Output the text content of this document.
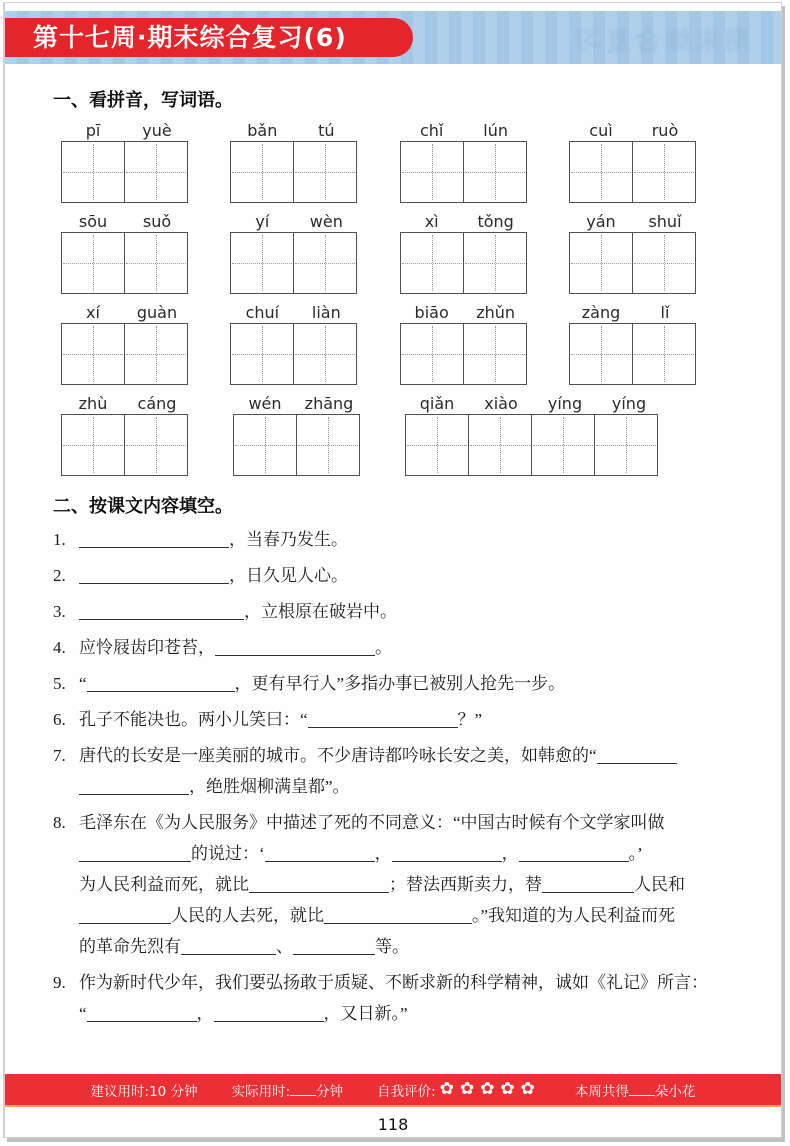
期末综合复习
第十七周·期末综合复习(6)
一、看拼音，写词语。
pī	yuè	bǎn	tú	chǐ	lún	cuì	ruò
sōu	suǒ	yí	wèn	xì	tǒng	yán	shuǐ
xí	guàn	chuí	liàn	biāo	zhǔn	zàng	lǐ
zhù	cáng	wén	zhāng	qiǎn	xiào	yíng	yíng
二、按课文内容填空。
1.	，当春乃发生。
2.	，日久见人心。
3.	，立根原在破岩中。
4. 应怜屐齿印苍苔，	。
5. “	，更有早行人”多指办事已被别人抢先一步。
6. 孔子不能决也。两小儿笑曰：“	？”
7. 唐代的长安是一座美丽的城市。不少唐诗都吟咏长安之美，如韩愈的“
，绝胜烟柳满皇都”。
8. 毛泽东在《为人民服务》中描述了死的不同意义：“中国古时候有个文学家叫做
的说过：‘	，	，	。’
为人民利益而死，就比	；替法西斯卖力，替	人民和
人民的人去死，就比	。”我知道的为人民利益而死
的革命先烈有	、	等。
9. 作为新时代少年，我们要弘扬敢于质疑、不断求新的科学精神，诚如《礼记》所言：
“	，	，又日新。”
建议用时:10 分钟	实际用时: 分钟	自我评价: ✿✿✿✿✿	本周共得 朵小花
118
